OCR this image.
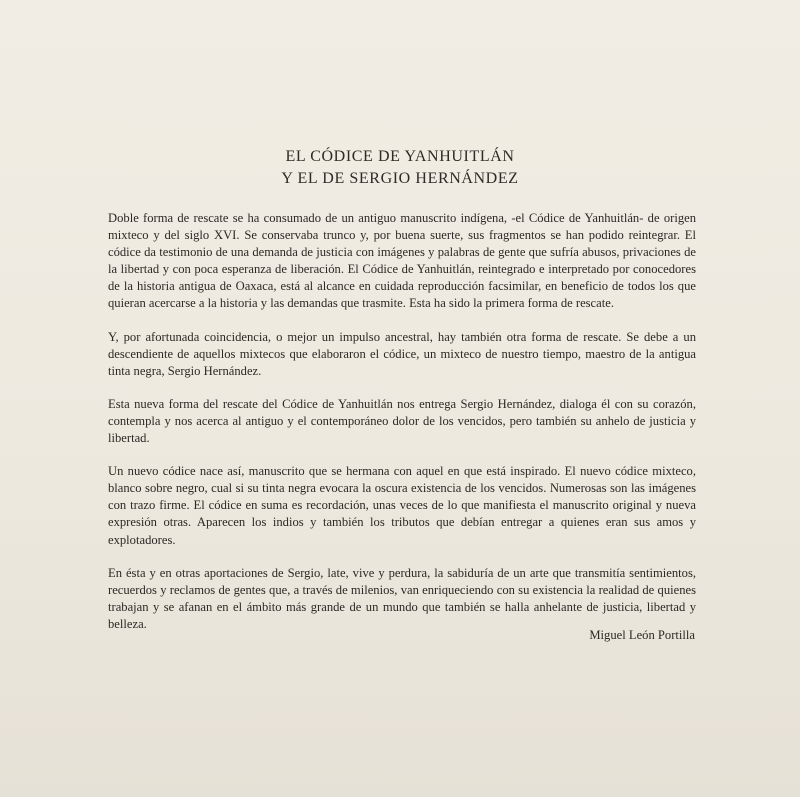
EL CÓDICE DE YANHUITLÁN
Y EL DE SERGIO HERNÁNDEZ

Doble forma de rescate se ha consumado de un antiguo manuscrito indígena, -el Códice de Yanhuitlán- de origen mixteco y del siglo XVI. Se conservaba trunco y, por buena suerte, sus fragmentos se han podido reintegrar. El códice da testimonio de una demanda de justicia con imágenes y palabras de gente que sufría abusos, privaciones de la libertad y con poca esperanza de liberación. El Códice de Yanhuitlán, reintegrado e interpretado por conocedores de la historia antigua de Oaxaca, está al alcance en cuidada reproducción facsimilar, en beneficio de todos los que quieran acercarse a la historia y las demandas que trasmite. Esta ha sido la primera forma de rescate.

Y, por afortunada coincidencia, o mejor un impulso ancestral, hay también otra forma de rescate. Se debe a un descendiente de aquellos mixtecos que elaboraron el códice, un mixteco de nuestro tiempo, maestro de la antigua tinta negra, Sergio Hernández.

Esta nueva forma del rescate del Códice de Yanhuitlán nos entrega Sergio Hernández, dialoga él con su corazón, contempla y nos acerca al antiguo y el contemporáneo dolor de los vencidos, pero también su anhelo de justicia y libertad.

Un nuevo códice nace así, manuscrito que se hermana con aquel en que está inspirado. El nuevo códice mixteco, blanco sobre negro, cual si su tinta negra evocara la oscura existencia de los vencidos. Numerosas son las imágenes con trazo firme. El códice en suma es recordación, unas veces de lo que manifiesta el manuscrito original y nueva expresión otras. Aparecen los indios y también los tributos que debían entregar a quienes eran sus amos y explotadores.

En ésta y en otras aportaciones de Sergio, late, vive y perdura, la sabiduría de un arte que transmitía sentimientos, recuerdos y reclamos de gentes que, a través de milenios, van enriqueciendo con su existencia la realidad de quienes trabajan y se afanan en el ámbito más grande de un mundo que también se halla anhelante de justicia, libertad y belleza.

Miguel León Portilla
